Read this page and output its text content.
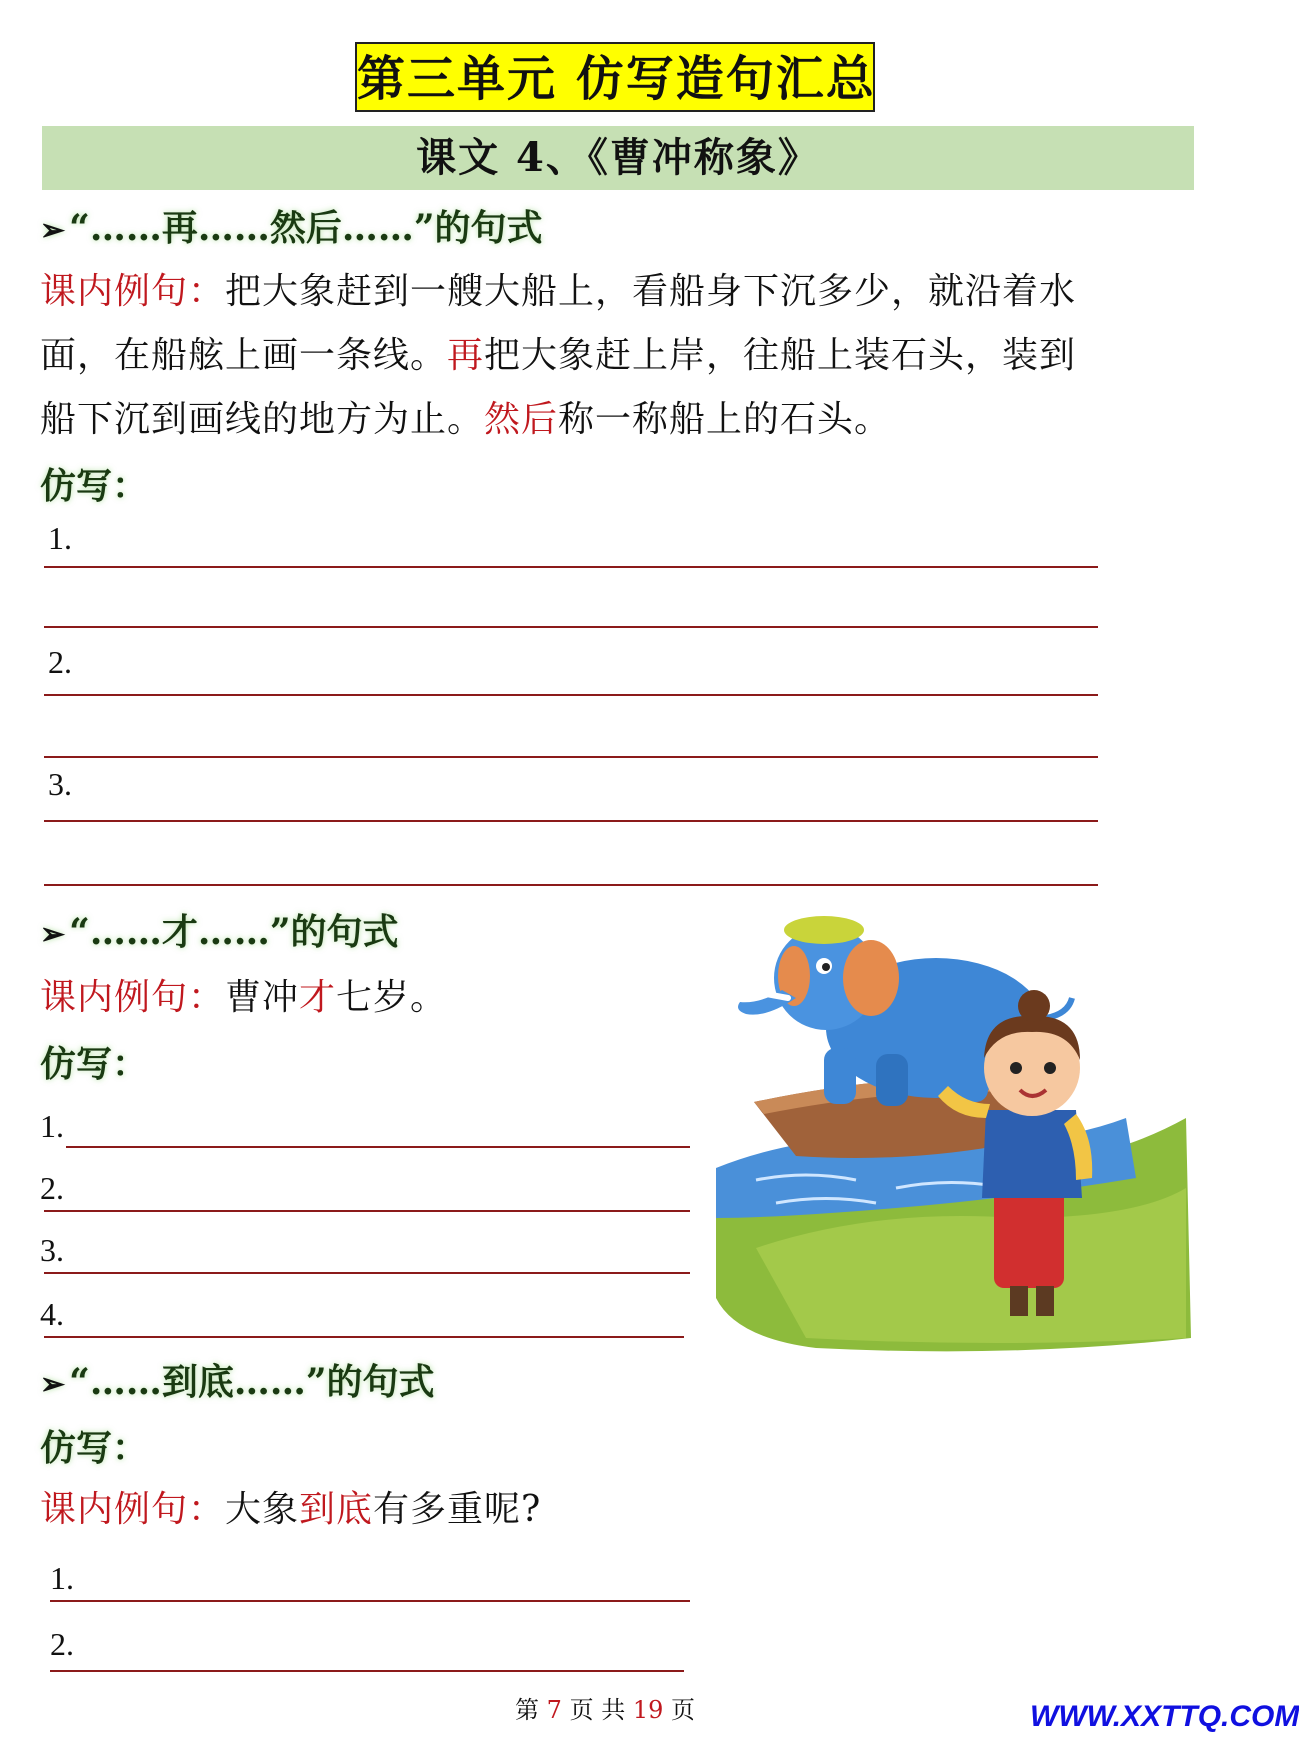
第三单元 仿写造句汇总
课文 4、《曹冲称象》
➢ “……再……然后……”的句式
课内例句：把大象赶到一艘大船上，看船身下沉多少，就沿着水
面，在船舷上画一条线。再把大象赶上岸，往船上装石头，装到
船下沉到画线的地方为止。然后称一称船上的石头。
仿写：
1.
2.
3.
➢ “……才……”的句式
课内例句：曹冲才七岁。
仿写：
1.
2.
3.
4.
➢ “……到底……”的句式
仿写：
课内例句：大象到底有多重呢?
1.
2.
第 7 页 共 19 页	WWW.XXTTQ.COM
